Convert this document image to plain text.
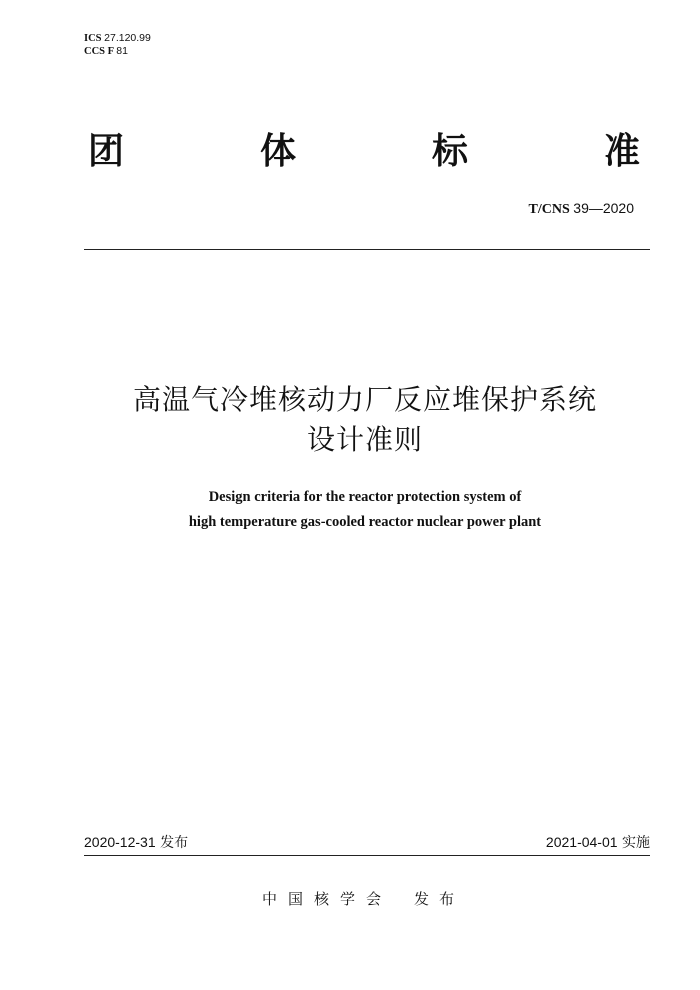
ICS 27.120.99
CCS F 81
团	体	标	准
T/CNS 39—2020
高温气冷堆核动力厂反应堆保护系统
设计准则
Design criteria for the reactor protection system of
high temperature gas-cooled reactor nuclear power plant
2020-12-31 发布	2021-04-01 实施
中国核学会 发布
